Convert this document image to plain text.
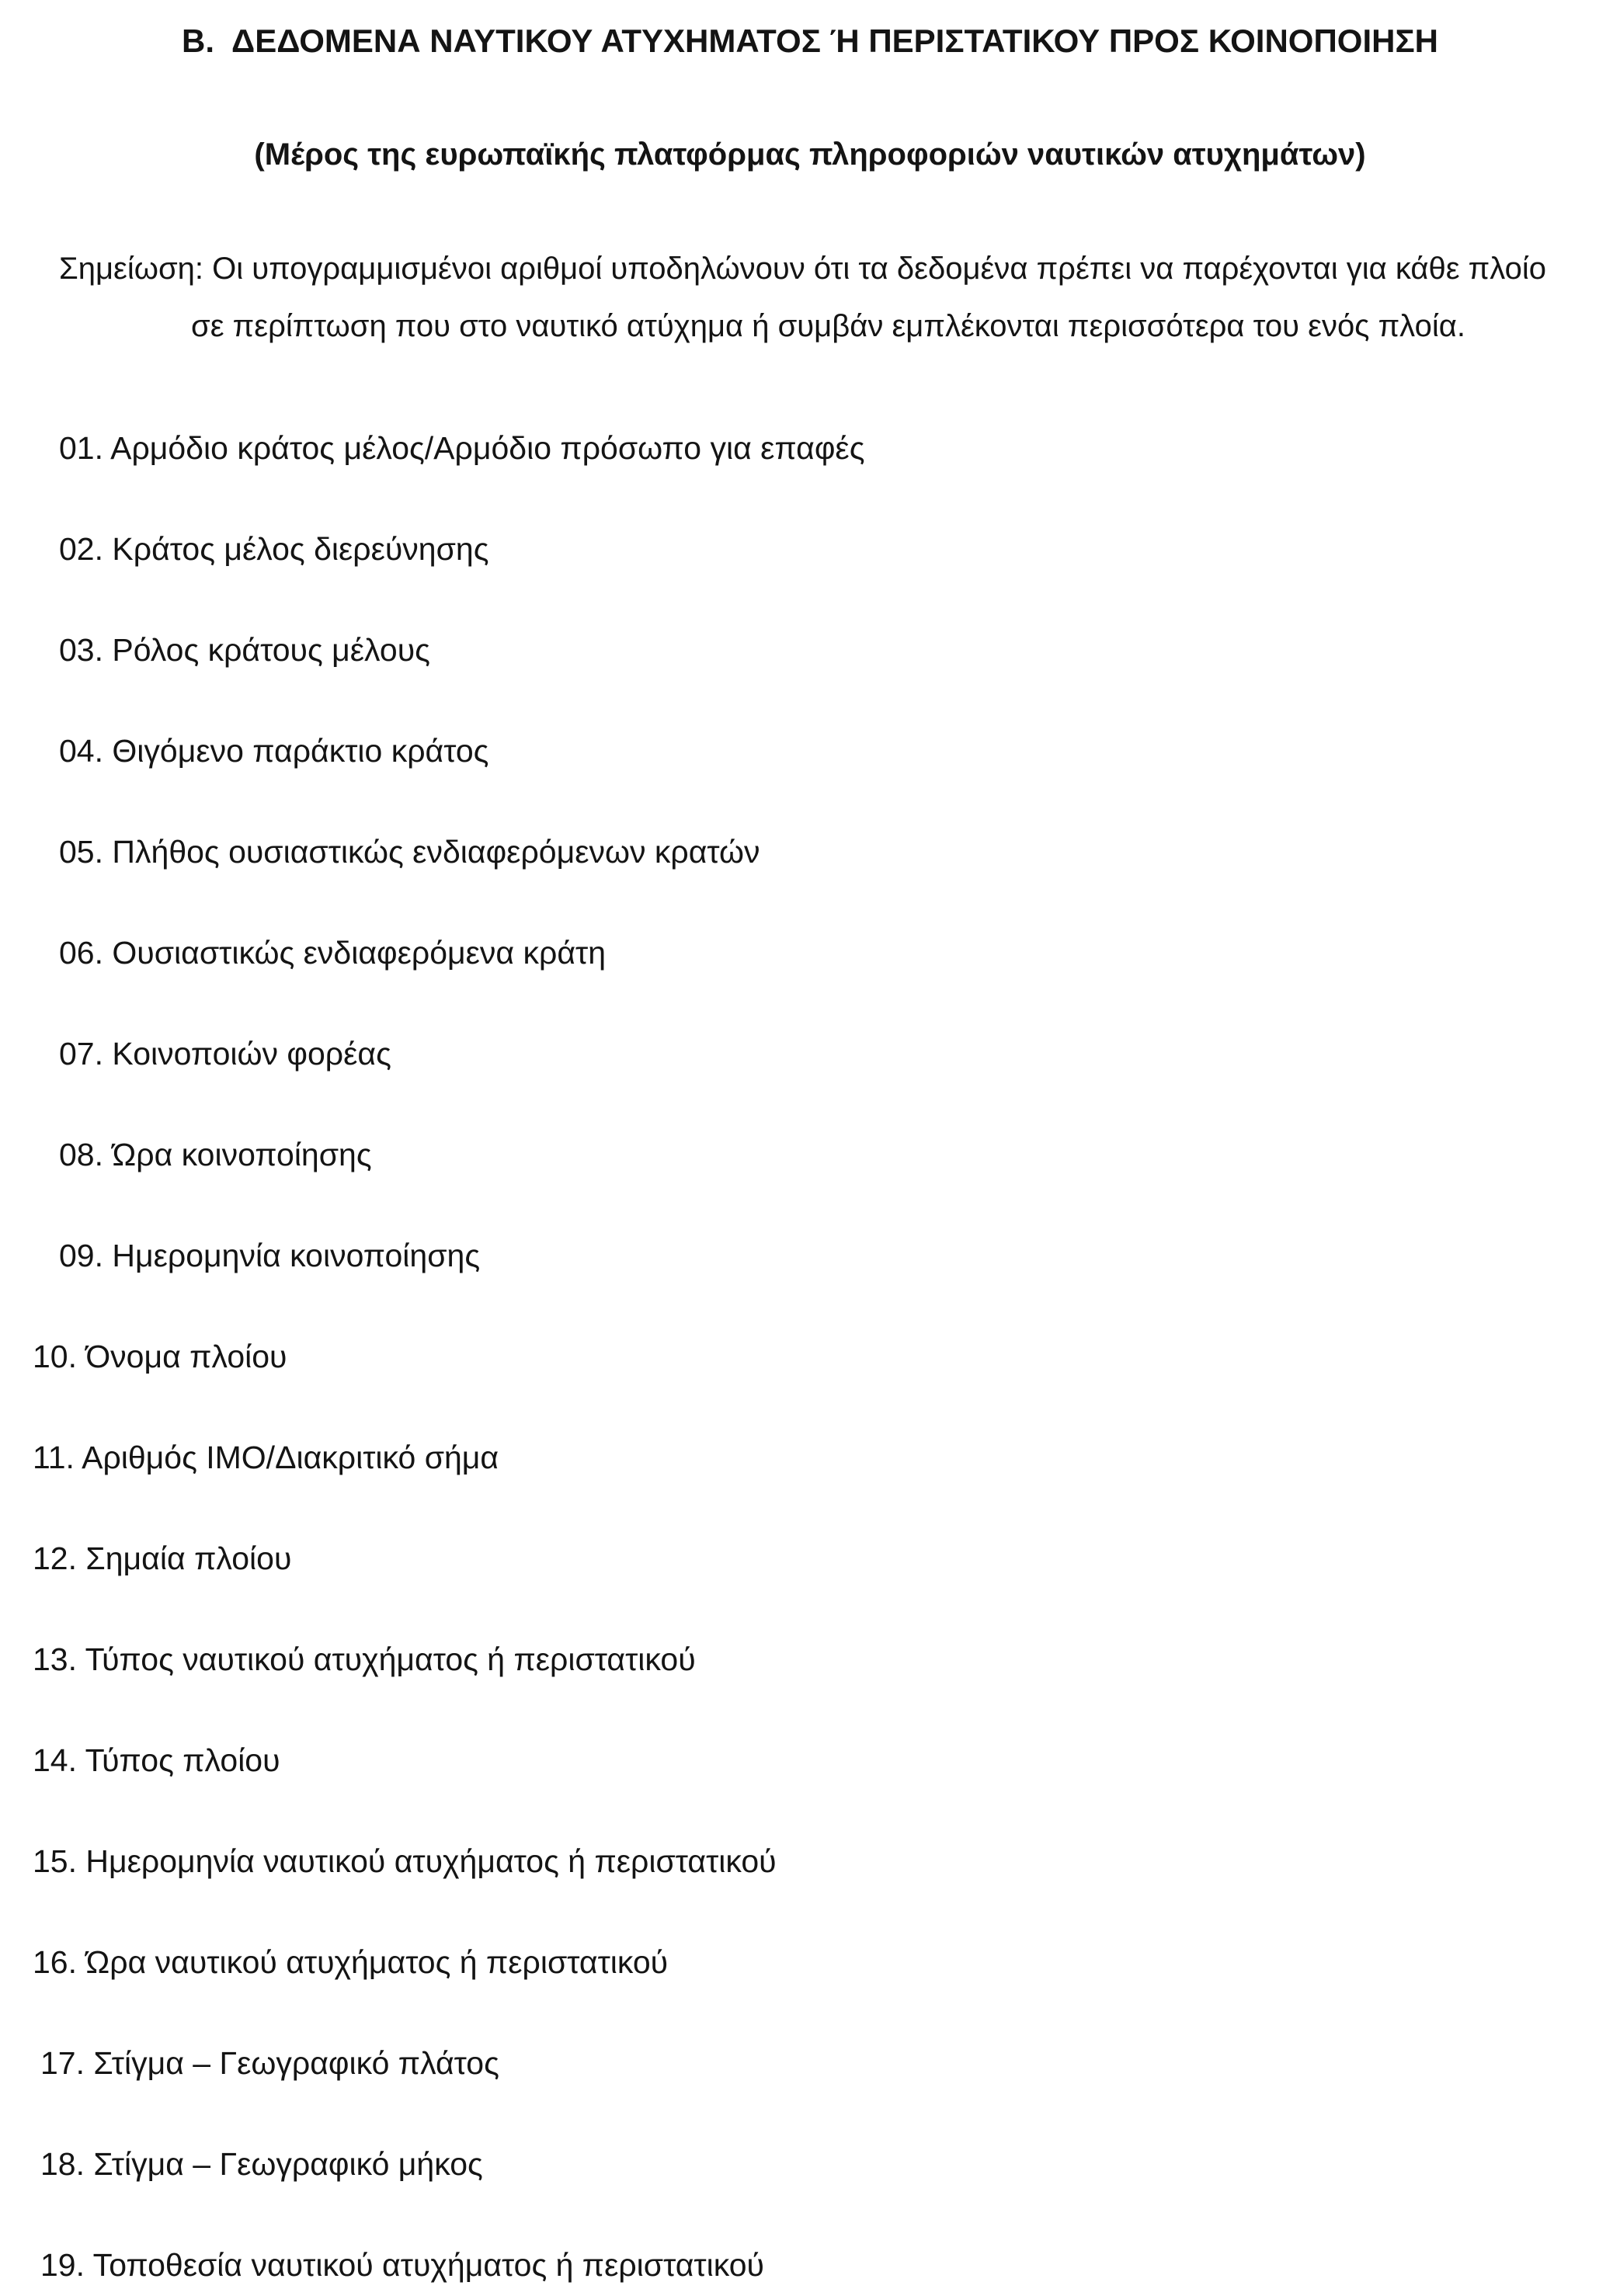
Β. ΔΕΔΟΜΕΝΑ ΝΑΥΤΙΚΟΥ ΑΤΥΧΗΜΑΤΟΣ Ή ΠΕΡΙΣΤΑΤΙΚΟΥ ΠΡΟΣ ΚΟΙΝΟΠΟΙΗΣΗ
(Μέρος της ευρωπαϊκής πλατφόρμας πληροφοριών ναυτικών ατυχημάτων)
Σημείωση: Οι υπογραμμισμένοι αριθμοί υποδηλώνουν ότι τα δεδομένα πρέπει να παρέχονται για κάθε πλοίο
σε περίπτωση που στο ναυτικό ατύχημα ή συμβάν εμπλέκονται περισσότερα του ενός πλοία.
01. Αρμόδιο κράτος μέλος/Αρμόδιο πρόσωπο για επαφές
02. Κράτος μέλος διερεύνησης
03. Ρόλος κράτους μέλους
04. Θιγόμενο παράκτιο κράτος
05. Πλήθος ουσιαστικώς ενδιαφερόμενων κρατών
06. Ουσιαστικώς ενδιαφερόμενα κράτη
07. Κοινοποιών φορέας
08. Ώρα κοινοποίησης
09. Ημερομηνία κοινοποίησης
10. Όνομα πλοίου
11. Αριθμός ΙΜΟ/Διακριτικό σήμα
12. Σημαία πλοίου
13. Τύπος ναυτικού ατυχήματος ή περιστατικού
14. Τύπος πλοίου
15. Ημερομηνία ναυτικού ατυχήματος ή περιστατικού
16. Ώρα ναυτικού ατυχήματος ή περιστατικού
17. Στίγμα – Γεωγραφικό πλάτος
18. Στίγμα – Γεωγραφικό μήκος
19. Τοποθεσία ναυτικού ατυχήματος ή περιστατικού
